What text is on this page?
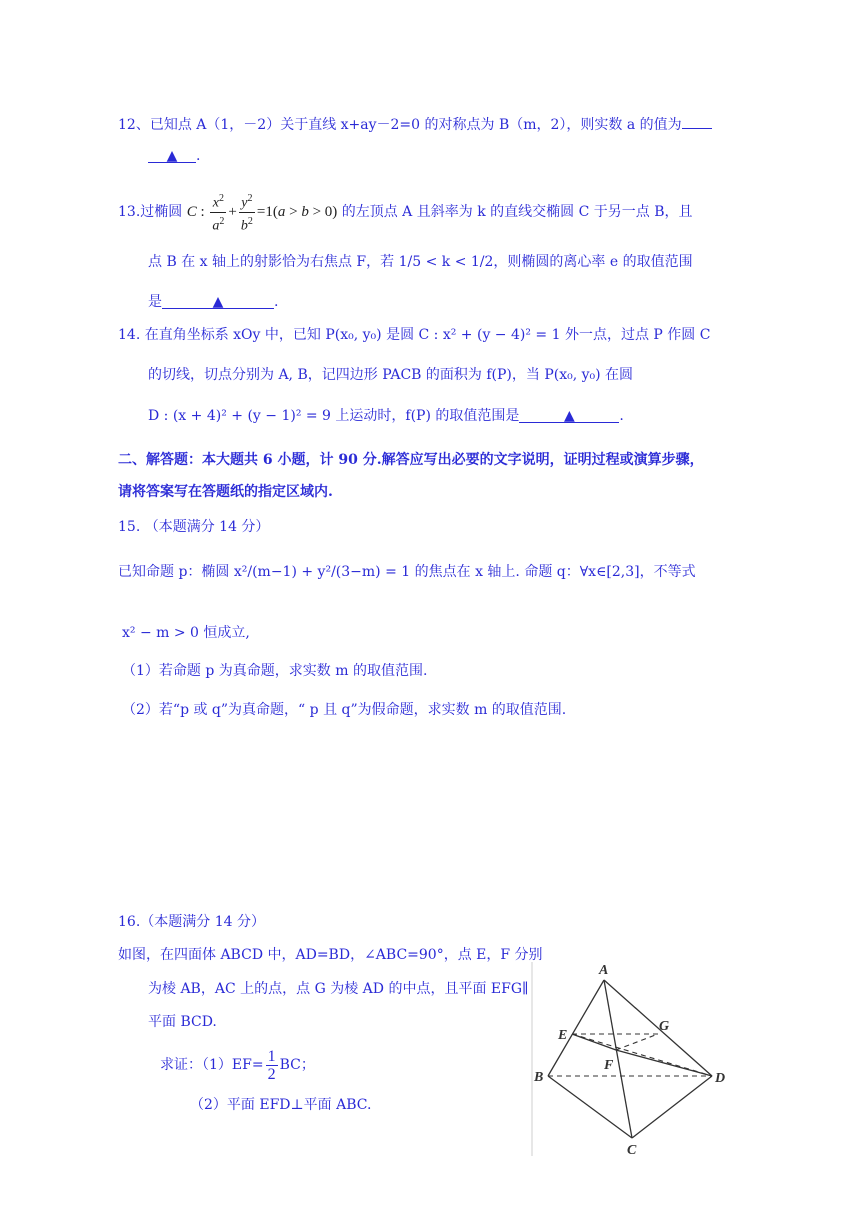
12、已知点 A（1，－2）关于直线 x+ay－2=0 的对称点为 B（m，2），则实数 a 的值为
▲ .
13.过椭圆 C : $\frac{x^2}{a^2} + \frac{y^2}{b^2} =1(a > b > 0)$ 的左顶点 A 且斜率为 k 的直线交椭圆 C 于另一点 B，且
点 B 在 x 轴上的射影恰为右焦点 F，若 1/5 < k < 1/2，则椭圆的离心率 e 的取值范围
是	▲	.
14. 在直角坐标系 xOy 中，已知 P(x₀, y₀) 是圆 C : x² + (y − 4)² = 1 外一点，过点 P 作圆 C
的切线，切点分别为 A, B，记四边形 PACB 的面积为 f(P)，当 P(x₀, y₀) 在圆
D : (x + 4)² + (y − 1)² = 9 上运动时，f(P) 的取值范围是	▲	.
二、解答题：本大题共 6 小题，计 90 分.解答应写出必要的文字说明，证明过程或演算步骤，
请将答案写在答题纸的指定区域内.
15. （本题满分 14 分）
已知命题 p：椭圆 x²/(m−1) + y²/(3−m) = 1 的焦点在 x 轴上. 命题 q：∀x∈[2,3]，不等式
x² − m > 0 恒成立,
（1）若命题 p 为真命题，求实数 m 的取值范围.
（2）若“p 或 q”为真命题，“ p 且 q”为假命题，求实数 m 的取值范围.
16.（本题满分 14 分）
如图，在四面体 ABCD 中，AD=BD，∠ABC=90°，点 E，F 分别
为棱 AB，AC 上的点，点 G 为棱 AD 的中点，且平面 EFG∥
平面 BCD.
求证：$(1)EF= \frac{1}{2}$ BC；
（2）平面 EFD⊥平面 ABC.
A
E
G
F
B	D
C
